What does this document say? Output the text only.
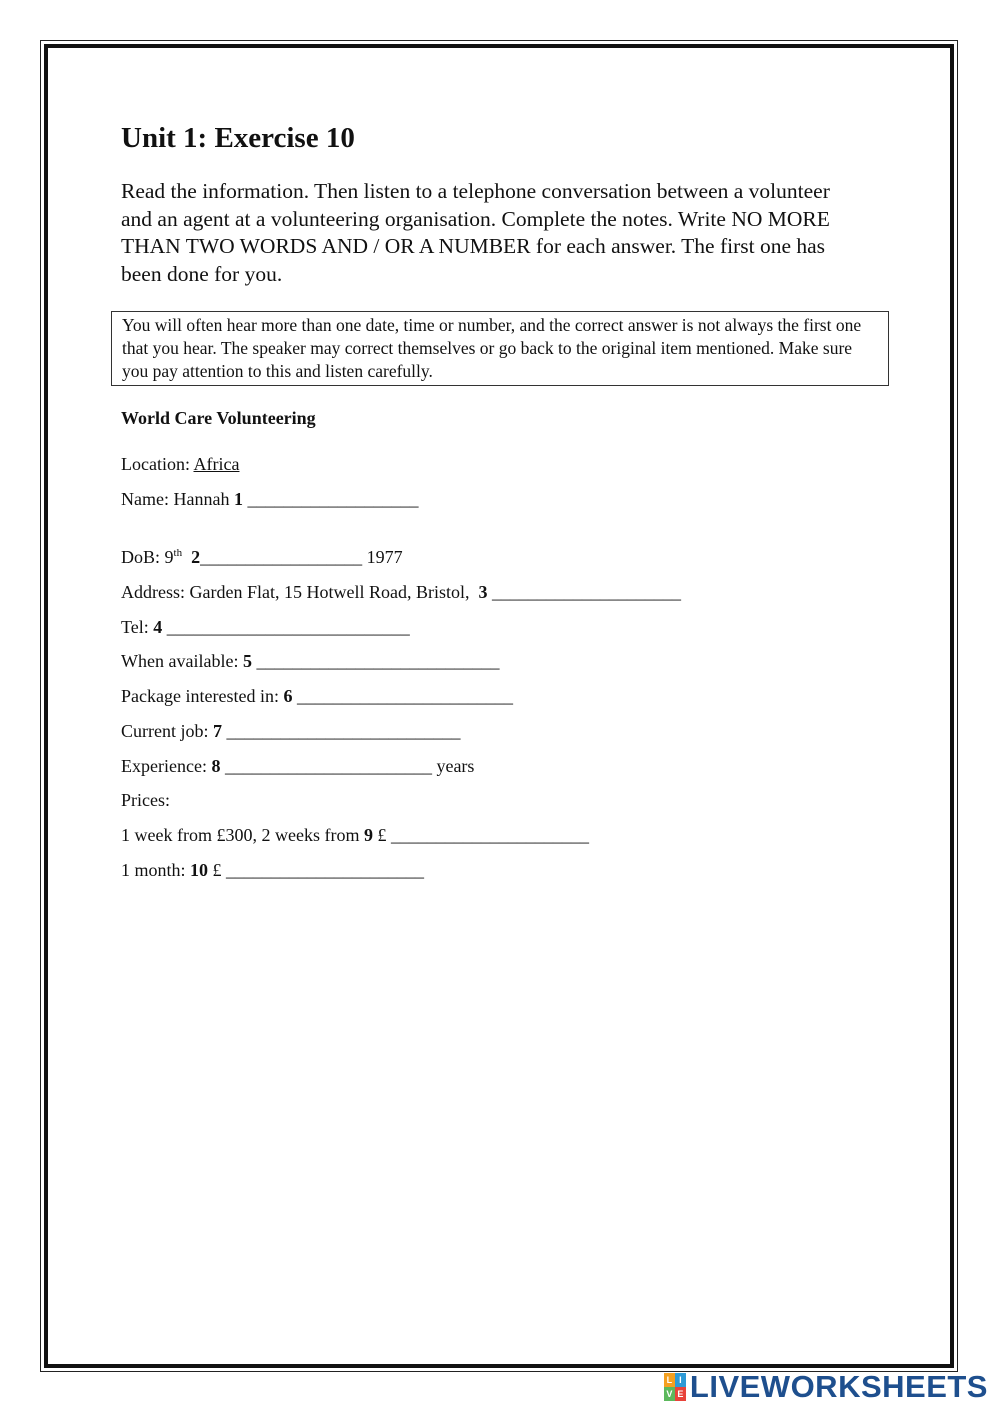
Unit 1: Exercise 10

Read the information. Then listen to a telephone conversation between a volunteer and an agent at a volunteering organisation. Complete the notes. Write NO MORE THAN TWO WORDS AND / OR A NUMBER for each answer. The first one has been done for you.

You will often hear more than one date, time or number, and the correct answer is not always the first one that you hear. The speaker may correct themselves or go back to the original item mentioned. Make sure you pay attention to this and listen carefully.

World Care Volunteering

Location: Africa
Name: Hannah 1 ___________________
DoB: 9th 2__________________ 1977
Address: Garden Flat, 15 Hotwell Road, Bristol, 3 _____________________
Tel: 4 ___________________________
When available: 5 ___________________________
Package interested in: 6 ________________________
Current job: 7 __________________________
Experience: 8 _______________________ years
Prices:
1 week from £300, 2 weeks from 9 £ ______________________
1 month: 10 £ ______________________
L I
V E LIVEWORKSHEETS
